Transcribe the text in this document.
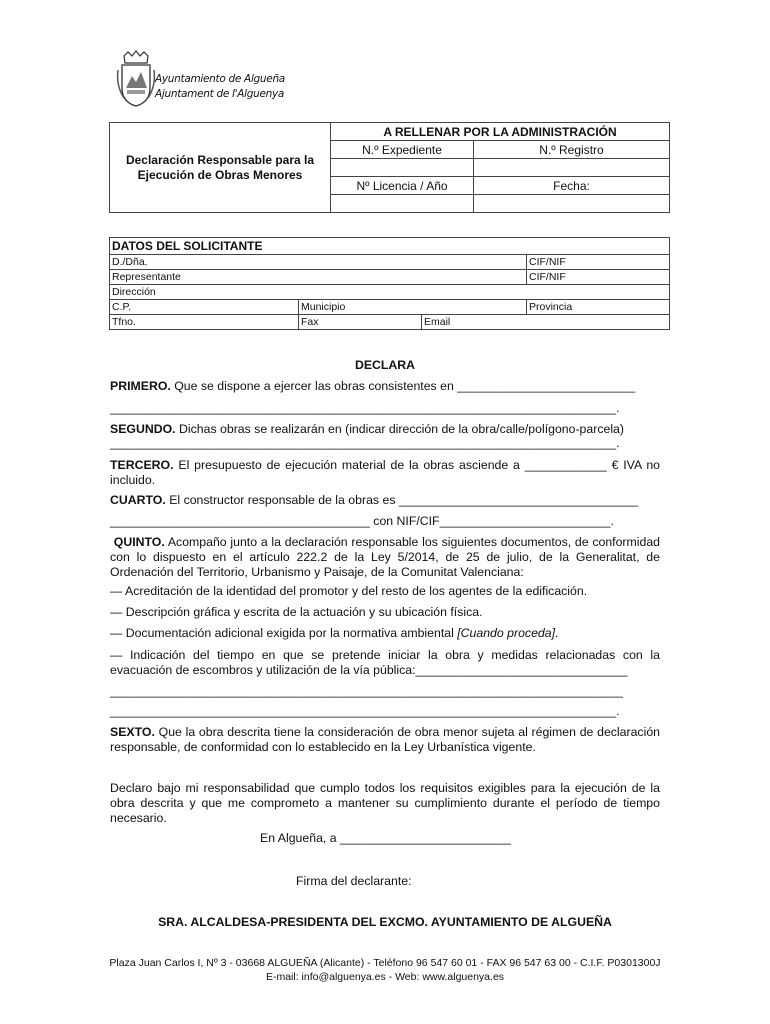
Ayuntamiento de Algueña
Ajuntament de l'Alguenya
Declaración Responsable para la Ejecución de Obras Menores	A RELLENAR POR LA ADMINISTRACIÓN	
	N.º Expediente	N.º Registro

	Nº Licencia / Año	Fecha:

DATOS DEL SOLICITANTE			
D./Dña.			CIF/NIF
Representante			CIF/NIF
Dirección			
C.P.	Municipio		Provincia
Tfno.	Fax	Email	
DECLARA
PRIMERO. Que se dispone a ejercer las obras consistentes en __________________________
__________________________________________________________________________.
SEGUNDO. Dichas obras se realizarán en (indicar dirección de la obra/calle/polígono-parcela)
__________________________________________________________________________.
TERCERO. El presupuesto de ejecución material de la obras asciende a ____________ € IVA no incluido.
CUARTO. El constructor responsable de la obras es ___________________________________
______________________________________ con NIF/CIF_________________________.
QUINTO. Acompaño junto a la declaración responsable los siguientes documentos, de conformidad con lo dispuesto en el artículo 222.2 de la Ley 5/2014, de 25 de julio, de la Generalitat, de Ordenación del Territorio, Urbanismo y Paisaje, de la Comunitat Valenciana:
— Acreditación de la identidad del promotor y del resto de los agentes de la edificación.
— Descripción gráfica y escrita de la actuación y su ubicación física.
— Documentación adicional exigida por la normativa ambiental [Cuando proceda].
— Indicación del tiempo en que se pretende iniciar la obra y medidas relacionadas con la evacuación de escombros y utilización de la vía pública:_______________________________
___________________________________________________________________________
__________________________________________________________________________.
SEXTO. Que la obra descrita tiene la consideración de obra menor sujeta al régimen de declaración responsable, de conformidad con lo establecido en la Ley Urbanística vigente.
Declaro bajo mi responsabilidad que cumplo todos los requisitos exigibles para la ejecución de la obra descrita y que me comprometo a mantener su cumplimiento durante el período de tiempo necesario.
En Algueña, a _________________________
Firma del declarante:
SRA. ALCALDESA-PRESIDENTA DEL EXCMO. AYUNTAMIENTO DE ALGUEÑA
Plaza Juan Carlos I, Nº 3 - 03668 ALGUEÑA (Alicante) - Teléfono 96 547 60 01 - FAX 96 547 63 00 - C.I.F. P0301300J
E-mail: info@alguenya.es - Web: www.alguenya.es
